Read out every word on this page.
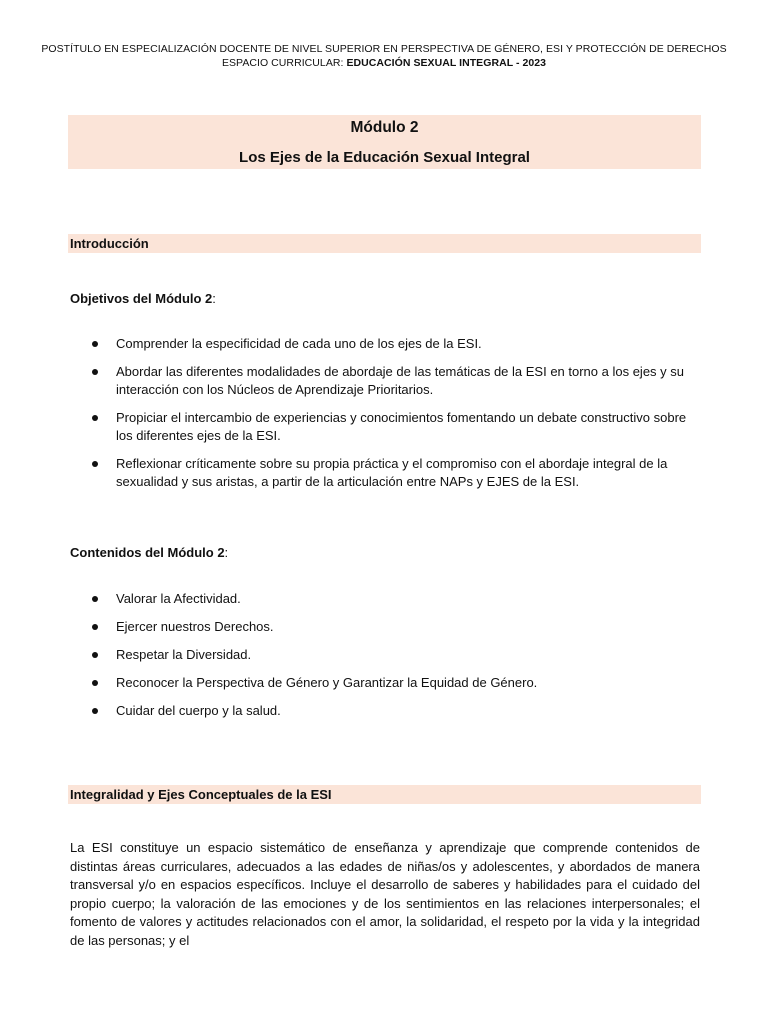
POSTÍTULO EN ESPECIALIZACIÓN DOCENTE DE NIVEL SUPERIOR EN PERSPECTIVA DE GÉNERO, ESI Y PROTECCIÓN DE DERECHOS
ESPACIO CURRICULAR: EDUCACIÓN SEXUAL INTEGRAL - 2023
Módulo 2
Los Ejes de la Educación Sexual Integral
Introducción
Objetivos del Módulo 2:
Comprender la especificidad de cada uno de los ejes de la ESI.
Abordar las diferentes modalidades de abordaje de las temáticas de la ESI en torno a los ejes y su interacción con los Núcleos de Aprendizaje Prioritarios.
Propiciar el intercambio de experiencias y conocimientos fomentando un debate constructivo sobre los diferentes ejes de la ESI.
Reflexionar críticamente sobre su propia práctica y el compromiso con el abordaje integral de la sexualidad y sus aristas, a partir de la articulación entre NAPs y EJES de la ESI.
Contenidos del Módulo 2:
Valorar la Afectividad.
Ejercer nuestros Derechos.
Respetar la Diversidad.
Reconocer la Perspectiva de Género y Garantizar la Equidad de Género.
Cuidar del cuerpo y la salud.
Integralidad y Ejes Conceptuales de la ESI

La ESI constituye un espacio sistemático de enseñanza y aprendizaje que comprende contenidos de distintas áreas curriculares, adecuados a las edades de niñas/os y adolescentes, y abordados de manera transversal y/o en espacios específicos. Incluye el desarrollo de saberes y habilidades para el cuidado del propio cuerpo; la valoración de las emociones y de los sentimientos en las relaciones interpersonales; el fomento de valores y actitudes relacionados con el amor, la solidaridad, el respeto por la vida y la integridad de las personas; y el
